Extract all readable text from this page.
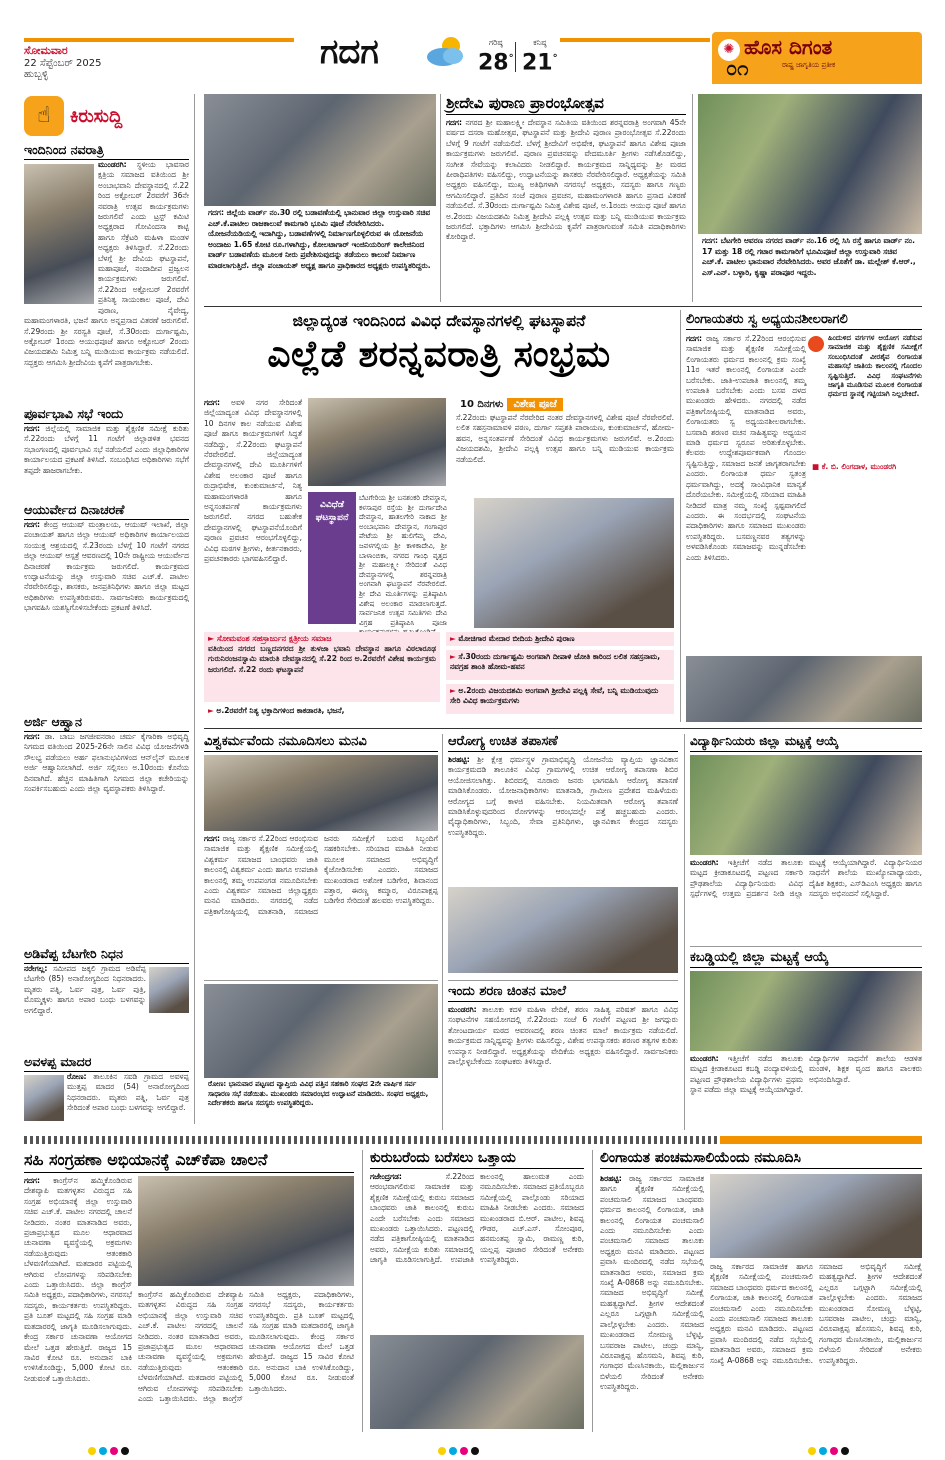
ಸೋಮವಾರ
22 ಸೆಪ್ಟೆಂಬರ್ 2025
ಹುಬ್ಬಳ್ಳಿ
ಗದಗ	ಗರಿಷ್ಠ
28°
ಕನಿಷ್ಠ
21°
✺ ಹೊಸ ದಿಗಂತ
ರಾಷ್ಟ್ರ ಜಾಗೃತಿಯ ಪ್ರತೀಕ
೦೧
☝	ಕಿರುಸುದ್ದಿ
ಇಂದಿನಿಂದ ನವರಾತ್ರಿ
ಮುಂಡರಗಿ: ಸ್ಥಳೀಯ ಭಾವಸಾರ ಕ್ಷತ್ರಿಯ ಸಮಾಜದ ವತಿಯಿಂದ ಶ್ರೀ ಅಂಬಾಭವಾನಿ ದೇವಸ್ಥಾನದಲ್ಲಿ ಸೆ.22 ರಿಂದ ಅಕ್ಟೋಬರ್ 2ರವರೆಗೆ 36ನೇ ನವರಾತ್ರಿ ಉತ್ಸವ ಕಾರ್ಯಕ್ರಮಗಳು ಜರುಗಲಿವೆ ಎಂದು ಟ್ರಸ್ಟ್ ಕಮಿಟಿ ಅಧ್ಯಕ್ಷರಾದ ಗೋವಿಂದಸಾ ಕಾಟ್ಟಿ ಹಾಗೂ ಸೆಕ್ರೆಟರಿ ಮಹಿಳಾ ಮಂಡಳ ಅಧ್ಯಕ್ಷರು ತಿಳಿಸಿದ್ದಾರೆ. ಸೆ.22ರಂದು ಬೆಳಗ್ಗೆ ಶ್ರೀ ದೇವಿಯ ಘಟಸ್ಥಾಪನೆ, ಮಹಾಪೂಜೆ, ನಂದಾದೀಪ ಪ್ರಜ್ವಲನ ಕಾರ್ಯಕ್ರಮಗಳು ಜರುಗಲಿವೆ. ಸೆ.22ರಿಂದ ಅಕ್ಟೋಬರ್ 2ರವರೆಗೆ ಪ್ರತಿನಿತ್ಯ ಸಾಯಂಕಾಲ ಪೂಜೆ, ದೇವಿ ಪುರಾಣ, ನೈವೇದ್ಯ, ಮಹಾಮಂಗಳಾರತಿ, ಭಜನೆ ಹಾಗೂ ಅನ್ನಪ್ರಸಾದ ವಿತರಣೆ ಜರುಗಲಿವೆ. ಸೆ.29ರಂದು ಶ್ರೀ ಸರಸ್ವತಿ ಪೂಜೆ, ಸೆ.30ರಂದು ದುರ್ಗಾಷ್ಟಮಿ, ಅಕ್ಟೋಬರ್ 1ರಂದು ಆಯುಧಪೂಜೆ ಹಾಗೂ ಅಕ್ಟೋಬರ್ 2ರಂದು ವಿಜಯದಶಮಿ ನಿಮಿತ್ತ ಬನ್ನಿ ಮುಡಿಯುವ ಕಾರ್ಯಕ್ರಮ ನಡೆಯಲಿದೆ. ಸದ್ಭಕ್ತರು ಆಗಮಿಸಿ ಶ್ರೀದೇವಿಯ ಕೃಪೆಗೆ ಪಾತ್ರರಾಗಬೇಕು.
ಪೂರ್ವಭಾವಿ ಸಭೆ ಇಂದು
ಗದಗ: ಜಿಲ್ಲೆಯಲ್ಲಿ ಸಾಮಾಜಿಕ ಮತ್ತು ಶೈಕ್ಷಣಿಕ ಸಮೀಕ್ಷೆ ಕುರಿತು ಸೆ.22ರಂದು ಬೆಳಗ್ಗೆ 11 ಗಂಟೆಗೆ ಜಿಲ್ಲಾಡಳಿತ ಭವನದ ಸಭಾಂಗಣದಲ್ಲಿ ಪೂರ್ವಭಾವಿ ಸಭೆ ನಡೆಯಲಿದೆ ಎಂದು ಜಿಲ್ಲಾಧಿಕಾರಿಗಳ ಕಾರ್ಯಾಲಯದ ಪ್ರಕಟಣೆ ತಿಳಿಸಿದೆ. ಸಂಬಂಧಿಸಿದ ಅಧಿಕಾರಿಗಳು ಸಭೆಗೆ ತಪ್ಪದೇ ಹಾಜರಾಗಬೇಕು.
ಆಯುರ್ವೇದ ದಿನಾಚರಣೆ
ಗದಗ: ಕೇಂದ್ರ ಆಯುಷ್ ಮಂತ್ರಾಲಯ, ಆಯುಷ್ ಇಲಾಖೆ, ಜಿಲ್ಲಾ ಪಂಚಾಯತ್ ಹಾಗೂ ಜಿಲ್ಲಾ ಆಯುಷ್ ಅಧಿಕಾರಿಗಳ ಕಾರ್ಯಾಲಯದ ಸಂಯುಕ್ತ ಆಶ್ರಯದಲ್ಲಿ ಸೆ.23ರಂದು ಬೆಳಗ್ಗೆ 10 ಗಂಟೆಗೆ ನಗರದ ಜಿಲ್ಲಾ ಆಯುಷ್ ಆಸ್ಪತ್ರೆ ಆವರಣದಲ್ಲಿ 10ನೇ ರಾಷ್ಟ್ರೀಯ ಆಯುರ್ವೇದ ದಿನಾಚರಣೆ ಕಾರ್ಯಕ್ರಮ ಜರುಗಲಿದೆ. ಕಾರ್ಯಕ್ರಮದ ಉದ್ಘಾಟನೆಯನ್ನು ಜಿಲ್ಲಾ ಉಸ್ತುವಾರಿ ಸಚಿವ ಎಚ್.ಕೆ. ಪಾಟೀಲ ನೆರವೇರಿಸಲಿದ್ದು, ಶಾಸಕರು, ಜನಪ್ರತಿನಿಧಿಗಳು ಹಾಗೂ ಜಿಲ್ಲಾ ಮಟ್ಟದ ಅಧಿಕಾರಿಗಳು ಉಪಸ್ಥಿತರಿರುವರು. ಸಾರ್ವಜನಿಕರು ಕಾರ್ಯಕ್ರಮದಲ್ಲಿ ಭಾಗವಹಿಸಿ ಯಶಸ್ವಿಗೊಳಿಸಬೇಕೆಂದು ಪ್ರಕಟಣೆ ತಿಳಿಸಿದೆ.
ಅರ್ಜಿ ಆಹ್ವಾನ
ಗದಗ: ಡಾ. ಬಾಬು ಜಗಜೀವನರಾಂ ಚರ್ಮ ಕೈಗಾರಿಕಾ ಅಭಿವೃದ್ಧಿ ನಿಗಮದ ವತಿಯಿಂದ 2025-26ನೇ ಸಾಲಿನ ವಿವಿಧ ಯೋಜನೆಗಳಡಿ ಸೌಲಭ್ಯ ಪಡೆಯಲು ಅರ್ಹ ಫಲಾನುಭವಿಗಳಿಂದ ಆನ್‌ಲೈನ್ ಮೂಲಕ ಅರ್ಜಿ ಆಹ್ವಾನಿಸಲಾಗಿದೆ. ಅರ್ಜಿ ಸಲ್ಲಿಸಲು ಅ.10ರಂದು ಕೊನೆಯ ದಿನವಾಗಿದೆ. ಹೆಚ್ಚಿನ ಮಾಹಿತಿಗಾಗಿ ನಿಗಮದ ಜಿಲ್ಲಾ ಕಚೇರಿಯನ್ನು ಸಂಪರ್ಕಿಸಬಹುದು ಎಂದು ಜಿಲ್ಲಾ ವ್ಯವಸ್ಥಾಪಕರು ತಿಳಿಸಿದ್ದಾರೆ.
ಅಡಿವೆಪ್ಪ ಬೆಟಗೇರಿ ನಿಧನ
ನರೇಗಲ್ಲ: ಸಮೀಪದ ಜಕ್ಕಲಿ ಗ್ರಾಮದ ಅಡಿವೆಪ್ಪ ಬೆಟಗೇರಿ (85) ಅನಾರೋಗ್ಯದಿಂದ ನಿಧನರಾದರು. ಮೃತರು ಪತ್ನಿ, ಓರ್ವ ಪುತ್ರ, ಓರ್ವ ಪುತ್ರಿ, ಮೊಮ್ಮಕ್ಕಳು ಹಾಗೂ ಅಪಾರ ಬಂಧು ಬಳಗವನ್ನು ಅಗಲಿದ್ದಾರೆ.
ಅವಳಪ್ಪ ಮಾದರ
ರೋಣ: ತಾಲೂಕಿನ ಸವಡಿ ಗ್ರಾಮದ ಅವಳಪ್ಪ ಮುತ್ತಪ್ಪ ಮಾದರ (54) ಅನಾರೋಗ್ಯದಿಂದ ನಿಧನರಾದರು. ಮೃತರು ಪತ್ನಿ, ಓರ್ವ ಪುತ್ರ ಸೇರಿದಂತೆ ಅಪಾರ ಬಂಧು ಬಳಗವನ್ನು ಅಗಲಿದ್ದಾರೆ.
ಗದಗ: ಜಿಲ್ಲೆಯ ವಾರ್ಡ್ ನಂ.30 ರಲ್ಲಿ ಬಡಾವಣೆಯಲ್ಲಿ ಭಾನುವಾರ ಜಿಲ್ಲಾ ಉಸ್ತುವಾರಿ ಸಚಿವ ಎಚ್.ಕೆ.ಪಾಟೀಲ ರಾಜಕಾಲುವೆ ಕಾಮಗಾರಿ ಭೂಮಿ ಪೂಜೆ ನೆರವೇರಿಸಿದರು. ಯೋಜನೆಯಡಿಯಲ್ಲಿ ಇದಾಗಿದ್ದು, ಬಡಾವಣೆಗಳಲ್ಲಿ ನಿರ್ಮಾಣಗೊಳ್ಳಲಿರುವ ಈ ಯೋಜನೆಯ ಅಂದಾಜು 1.65 ಕೋಟಿ ರೂ.ಗಳಾಗಿದ್ದು, ಕೋಲಟಾಗಾರ್ ಇಂಜಿನಿಯರಿಂಗ್ ಕಾಲೇಜಿನಿಂದ ವಾರ್ಡ್ ಬಡಾವಣೆಯ ಮೂಲಕ ನೀರು ಪ್ರವೇಶಿಸುವುದನ್ನು ತಡೆಯಲು ಕಾಲುವೆ ನಿರ್ಮಾಣ ಮಾಡಲಾಗುತ್ತಿದೆ. ಜಿಲ್ಲಾ ಪಂಚಾಯತ್ ಅಧ್ಯಕ್ಷ ಹಾಗೂ ಪ್ರಾಧಿಕಾರದ ಅಧ್ಯಕ್ಷರು ಉಪಸ್ಥಿತರಿದ್ದರು.
ಶ್ರೀದೇವಿ ಪುರಾಣ ಪ್ರಾರಂಭೋತ್ಸವ
ಗದಗ: ನಗರದ ಶ್ರೀ ಮಹಾಲಕ್ಷ್ಮೀ ದೇವಸ್ಥಾನ ಸಮಿತಿಯ ವತಿಯಿಂದ ಶರನ್ನವರಾತ್ರಿ ಅಂಗವಾಗಿ 45ನೇ ವರ್ಷದ ದಸರಾ ಮಹೋತ್ಸವ, ಘಟಸ್ಥಾಪನೆ ಮತ್ತು ಶ್ರೀದೇವಿ ಪುರಾಣ ಪ್ರಾರಂಭೋತ್ಸವ ಸೆ.22ರಂದು ಬೆಳಗ್ಗೆ 9 ಗಂಟೆಗೆ ನಡೆಯಲಿದೆ. ಬೆಳಗ್ಗೆ ಶ್ರೀದೇವಿಗೆ ಅಭಿಷೇಕ, ಘಟಸ್ಥಾಪನೆ ಹಾಗೂ ವಿಶೇಷ ಪೂಜಾ ಕಾರ್ಯಕ್ರಮಗಳು ಜರುಗಲಿವೆ. ಪುರಾಣ ಪ್ರವಚನವನ್ನು ವೇದಮೂರ್ತಿ ಶ್ರೀಗಳು ನಡೆಸಿಕೊಡಲಿದ್ದು, ಸಂಗೀತ ಸೇವೆಯನ್ನು ಕಲಾವಿದರು ನೀಡಲಿದ್ದಾರೆ. ಕಾರ್ಯಕ್ರಮದ ಸಾನ್ನಿಧ್ಯವನ್ನು ಶ್ರೀ ಮಠದ ಪೀಠಾಧಿಪತಿಗಳು ವಹಿಸಲಿದ್ದು, ಉದ್ಘಾಟನೆಯನ್ನು ಶಾಸಕರು ನೆರವೇರಿಸಲಿದ್ದಾರೆ. ಅಧ್ಯಕ್ಷತೆಯನ್ನು ಸಮಿತಿ ಅಧ್ಯಕ್ಷರು ವಹಿಸಲಿದ್ದು, ಮುಖ್ಯ ಅತಿಥಿಗಳಾಗಿ ನಗರಸಭೆ ಅಧ್ಯಕ್ಷರು, ಸದಸ್ಯರು ಹಾಗೂ ಗಣ್ಯರು ಆಗಮಿಸಲಿದ್ದಾರೆ. ಪ್ರತಿದಿನ ಸಂಜೆ ಪುರಾಣ ಪ್ರವಚನ, ಮಹಾಮಂಗಳಾರತಿ ಹಾಗೂ ಪ್ರಸಾದ ವಿತರಣೆ ನಡೆಯಲಿದೆ. ಸೆ.30ರಂದು ದುರ್ಗಾಷ್ಟಮಿ ನಿಮಿತ್ತ ವಿಶೇಷ ಪೂಜೆ, ಅ.1ರಂದು ಆಯುಧ ಪೂಜೆ ಹಾಗೂ ಅ.2ರಂದು ವಿಜಯದಶಮಿ ನಿಮಿತ್ತ ಶ್ರೀದೇವಿ ಪಲ್ಲಕ್ಕಿ ಉತ್ಸವ ಮತ್ತು ಬನ್ನಿ ಮುಡಿಯುವ ಕಾರ್ಯಕ್ರಮ ಜರುಗಲಿದೆ. ಭಕ್ತಾದಿಗಳು ಆಗಮಿಸಿ ಶ್ರೀದೇವಿಯ ಕೃಪೆಗೆ ಪಾತ್ರರಾಗುವಂತೆ ಸಮಿತಿ ಪದಾಧಿಕಾರಿಗಳು ಕೋರಿದ್ದಾರೆ.	ಗದಗ: ಬೆಟಗೇರಿ ಆವರಣ ನಗರದ ವಾರ್ಡ್ ನಂ.16 ರಲ್ಲಿ ಸಿಸಿ ರಸ್ತೆ ಹಾಗೂ ವಾರ್ಡ್ ನಂ. 17 ಮತ್ತು 18 ರಲ್ಲಿ ಗಟಾರ ಕಾಮಗಾರಿಗೆ ಭೂಮಿಪೂಜೆ ಜಿಲ್ಲಾ ಉಸ್ತುವಾರಿ ಸಚಿವ ಎಚ್.ಕೆ. ಪಾಟೀಲ ಭಾನುವಾರ ನೆರವೇರಿಸಿದರು. ಅವರ ಜೊತೆಗೆ ಡಾ. ಮಲ್ಲೇಶ್ ಕೆ.ಆರ್., ಎಸ್.ಎನ್. ಬಳ್ಳಾರಿ, ಕೃಷ್ಣಾ ಪರಾಪೂರ ಇದ್ದರು.
ಜಿಲ್ಲಾದ್ಯಂತ ಇಂದಿನಿಂದ ವಿವಿಧ ದೇವಸ್ಥಾನಗಳಲ್ಲಿ ಘಟಸ್ಥಾಪನೆ
ಎಲ್ಲೆಡೆ ಶರನ್ನವರಾತ್ರಿ ಸಂಭ್ರಮ
ಗದಗ: ಅವಳಿ ನಗರ ಸೇರಿದಂತೆ ಜಿಲ್ಲೆಯಾದ್ಯಂತ ವಿವಿಧ ದೇವಸ್ಥಾನಗಳಲ್ಲಿ 10 ದಿನಗಳ ಕಾಲ ನಡೆಯುವ ವಿಶೇಷ ಪೂಜೆ ಹಾಗೂ ಕಾರ್ಯಕ್ರಮಗಳಿಗೆ ಸಿದ್ಧತೆ ನಡೆದಿದ್ದು, ಸೆ.22ರಂದು ಘಟಸ್ಥಾಪನೆ ನೆರವೇರಲಿದೆ. ಜಿಲ್ಲೆಯಾದ್ಯಂತ ದೇವಸ್ಥಾನಗಳಲ್ಲಿ ದೇವಿ ಮೂರ್ತಿಗಳಿಗೆ ವಿಶೇಷ ಅಲಂಕಾರ ಪೂಜೆ ಹಾಗೂ ರುದ್ರಾಭಿಷೇಕ, ಕುಂಕುಮಾರ್ಚನೆ, ನಿತ್ಯ ಮಹಾಮಂಗಳಾರತಿ ಹಾಗೂ ಅನ್ನಸಂತರ್ಪಣೆ ಕಾರ್ಯಕ್ರಮಗಳು ಜರುಗಲಿವೆ. ನಗರದ ಬಹುತೇಕ ದೇವಸ್ಥಾನಗಳಲ್ಲಿ ಘಟಸ್ಥಾಪನೆಯೊಂದಿಗೆ ಪುರಾಣ ಪ್ರವಚನ ಆರಂಭಗೊಳ್ಳಲಿದ್ದು, ವಿವಿಧ ಮಠಗಳ ಶ್ರೀಗಳು, ಕೀರ್ತನಕಾರರು, ಪ್ರವಚನಕಾರರು ಭಾಗವಹಿಸಲಿದ್ದಾರೆ.
ವಿವಿಧೆಡೆ
ಘಟಸ್ಥಾಪನೆ
ಬೆಟಗೇರಿಯ ಶ್ರೀ ಬನಶಂಕರಿ ದೇವಸ್ಥಾನ, ಕಳಸಾಪುರ ರಸ್ತೆಯ ಶ್ರೀ ದುರ್ಗಾದೇವಿ ದೇವಸ್ಥಾನ, ಹಾತಲಗೇರಿ ನಾಕಾದ ಶ್ರೀ ಅಂಬಾಭವಾನಿ ದೇವಸ್ಥಾನ, ಗಂಗಾಪುರ ಪೇಟೆಯ ಶ್ರೀ ಹುಲಿಗೆಮ್ಮ ದೇವಿ, ಜವಳಗಲ್ಲಿಯ ಶ್ರೀ ಕಾಳಿಕಾದೇವಿ, ಶ್ರೀ ಬಾಳಾಂಬಿಕಾ, ನಗರದ ಗಾಂಧಿ ವೃತ್ತದ ಶ್ರೀ ಮಹಾಲಕ್ಷ್ಮೀ ಸೇರಿದಂತೆ ವಿವಿಧ ದೇವಸ್ಥಾನಗಳಲ್ಲಿ ಶರನ್ನವರಾತ್ರಿ ಅಂಗವಾಗಿ ಘಟಸ್ಥಾಪನೆ ನೆರವೇರಲಿದೆ. ಶ್ರೀ ದೇವಿ ಮೂರ್ತಿಗಳನ್ನು ಪ್ರತಿಷ್ಠಾಪಿಸಿ ವಿಶೇಷ ಅಲಂಕಾರ ಮಾಡಲಾಗುತ್ತದೆ. ಸಾರ್ವಜನಿಕ ಉತ್ಸವ ಸಮಿತಿಗಳು ದೇವಿ ವಿಗ್ರಹ ಪ್ರತಿಷ್ಠಾಪಿಸಿ ಪೂಜಾ
10 ದಿನಗಳು	ವಿಶೇಷ ಪೂಜೆ
ಸೆ.22ರಂದು ಘಟಸ್ಥಾಪನೆ ನೆರವೇರಿದ ನಂತರ ದೇವಸ್ಥಾನಗಳಲ್ಲಿ ವಿಶೇಷ ಪೂಜೆ ನೆರವೇರಲಿವೆ. ಲಲಿತ ಸಹಸ್ರನಾಮಾವಳಿ ಪಠಣ, ದುರ್ಗಾ ಸಪ್ತಶತಿ ಪಾರಾಯಣ, ಕುಂಕುಮಾರ್ಚನೆ, ಹೋಮ-ಹವನ, ಅನ್ನಸಂತರ್ಪಣೆ ಸೇರಿದಂತೆ ವಿವಿಧ ಕಾರ್ಯಕ್ರಮಗಳು ಜರುಗಲಿವೆ. ಅ.2ರಂದು ವಿಜಯದಶಮಿ, ಶ್ರೀದೇವಿ ಪಲ್ಲಕ್ಕಿ ಉತ್ಸವ ಹಾಗೂ ಬನ್ನಿ ಮುಡಿಯುವ ಕಾರ್ಯಕ್ರಮ ನಡೆಯಲಿದೆ.
► ಸೋಮವಂಶ ಸಹಸ್ರಾರ್ಜುನ ಕ್ಷತ್ರೀಯ ಸಮಾಜ
ವತಿಯಿಂದ ನಗರದ ಬಣ್ಣದನಗರದ ಶ್ರೀ ತುಳಜಾ ಭವಾನಿ ದೇವಸ್ಥಾನ ಹಾಗೂ ವಿಠಲಾರೂಢ ಗುರುನಿರಂಜನಸ್ವಾಮಿ ಮಾರುತಿ ದೇವಸ್ಥಾನದಲ್ಲಿ ಸೆ.22 ರಿಂದ ಅ.2ರವರೆಗೆ ವಿಶೇಷ ಕಾರ್ಯಕ್ರಮ ಜರುಗಲಿದೆ. ಸೆ.22 ರಂದು ಘಟಸ್ಥಾಪನೆ
► ಅ.2ರವರೆಗೆ ನಿತ್ಯ ಭಕ್ತಾದಿಗಳಿಂದ ಕಾಕಡಾರತಿ, ಭಜನೆ,
► ಮೋಚಿಗಾರ ಮೇದಾರ ಬೀದಿಯ ಶ್ರೀದೇವಿ ಪುರಾಣ
► ಸೆ.30ರಂದು ದುರ್ಗಾಷ್ಟಮಿ ಅಂಗವಾಗಿ ದೀಪಾಳಿ ಜೋತಿ ಕಾರಿಂದ ಲಲಿತ ಸಹಸ್ರನಾಮ, ನವಗ್ರಹ ಶಾಂತಿ ಹೋಮ-ಹವನ
► ಅ.2ರಂದು ವಿಜಯದಶಮಿ ಅಂಗವಾಗಿ ಶ್ರೀದೇವಿ ಪಲ್ಲಕ್ಕಿ ಸೇವೆ, ಬನ್ನಿ ಮುಡಿಯುವುದು ಸೇರಿ ವಿವಿಧ ಕಾರ್ಯಕ್ರಮಗಳು
ಲಿಂಗಾಯತರು ಸ್ವ ಅಧ್ಯಯನಶೀಲರಾಗಲಿ
ಹಿಂದುಳಿದ ವರ್ಗಗಳ ಆಯೋಗ ನಡೆಸುವ ಸಾಮಾಜಿಕ ಮತ್ತು ಶೈಕ್ಷಣಿಕ ಸಮೀಕ್ಷೆಗೆ ಸಂಬಂಧಿಸಿದಂತೆ ವೀರಶೈವ ಲಿಂಗಾಯತ ಮಹಾಸಭೆ ಜಾತಿಯ ಕಾಲಂನಲ್ಲಿ ಗೊಂದಲ ಸೃಷ್ಟಿಸುತ್ತಿದೆ. ವಿವಿಧ ಸಂಘಟನೆಗಳು ಜಾಗೃತಿ ಮೂಡಿಸುವ ಮೂಲಕ ಲಿಂಗಾಯತ ಧರ್ಮದ ಸ್ಥಾನಕ್ಕೆ ಗಟ್ಟಿಯಾಗಿ ನಿಲ್ಲಬೇಕಿದೆ.
■ ಕೆ. ಬಿ. ಲಿಂಗದಾಳ, ಮುಂಡರಗಿ
ಗದಗ: ರಾಜ್ಯ ಸರ್ಕಾರ ಸೆ.22ರಿಂದ ಆರಂಭಿಸುವ ಸಾಮಾಜಿಕ ಮತ್ತು ಶೈಕ್ಷಣಿಕ ಸಮೀಕ್ಷೆಯಲ್ಲಿ ಲಿಂಗಾಯತರು ಧರ್ಮದ ಕಾಲಂನಲ್ಲಿ ಕ್ರಮ ಸಂಖ್ಯೆ 11ರ ಇತರೆ ಕಾಲಂನಲ್ಲಿ ಲಿಂಗಾಯತ ಎಂದೇ ಬರೆಸಬೇಕು. ಜಾತಿ-ಉಪಜಾತಿ ಕಾಲಂನಲ್ಲಿ ತಮ್ಮ ಉಪಜಾತಿ ಬರೆಸಬೇಕು ಎಂದು ಬಸವ ದಳದ ಮುಖಂಡರು ಹೇಳಿದರು. ನಗರದಲ್ಲಿ ನಡೆದ ಪತ್ರಿಕಾಗೋಷ್ಠಿಯಲ್ಲಿ ಮಾತನಾಡಿದ ಅವರು, ಲಿಂಗಾಯತರು ಸ್ವ ಅಧ್ಯಯನಶೀಲರಾಗಬೇಕು. ಬಸವಾದಿ ಶರಣರ ವಚನ ಸಾಹಿತ್ಯವನ್ನು ಅಧ್ಯಯನ ಮಾಡಿ ಧರ್ಮದ ಸ್ವರೂಪ ಅರಿತುಕೊಳ್ಳಬೇಕು. ಕೆಲವರು ಉದ್ದೇಶಪೂರ್ವಕವಾಗಿ ಗೊಂದಲ ಸೃಷ್ಟಿಸುತ್ತಿದ್ದು, ಸಮಾಜದ ಜನತೆ ಜಾಗೃತರಾಗಬೇಕು ಎಂದರು. ಲಿಂಗಾಯತ ಧರ್ಮ ಸ್ವತಂತ್ರ ಧರ್ಮವಾಗಿದ್ದು, ಅದಕ್ಕೆ ಸಾಂವಿಧಾನಿಕ ಮಾನ್ಯತೆ ದೊರೆಯಬೇಕು. ಸಮೀಕ್ಷೆಯಲ್ಲಿ ಸರಿಯಾದ ಮಾಹಿತಿ ನೀಡಿದರೆ ಮಾತ್ರ ನಮ್ಮ ಸಂಖ್ಯೆ ಸ್ಪಷ್ಟವಾಗಲಿದೆ ಎಂದರು. ಈ ಸಂದರ್ಭದಲ್ಲಿ ಸಂಘಟನೆಯ ಪದಾಧಿಕಾರಿಗಳು ಹಾಗೂ ಸಮಾಜದ ಮುಖಂಡರು ಉಪಸ್ಥಿತರಿದ್ದರು. ಬಸವಣ್ಣನವರ ತತ್ವಗಳನ್ನು ಅಳವಡಿಸಿಕೊಂಡು ಸಮಾಜವನ್ನು ಮುನ್ನಡೆಸಬೇಕು ಎಂದು ತಿಳಿಸಿದರು.
ವಿಶ್ವಕರ್ಮವೆಂದು ನಮೂದಿಸಲು ಮನವಿ
ಗದಗ: ರಾಜ್ಯ ಸರ್ಕಾರ ಸೆ.22ರಿಂದ ಆರಂಭಿಸುವ ಸಾಮಾಜಿಕ ಮತ್ತು ಶೈಕ್ಷಣಿಕ ಸಮೀಕ್ಷೆಯಲ್ಲಿ ವಿಶ್ವಕರ್ಮ ಸಮಾಜದ ಬಾಂಧವರು ಜಾತಿ ಕಾಲಂನಲ್ಲಿ ವಿಶ್ವಕರ್ಮ ಎಂದು ಹಾಗೂ ಉಪಜಾತಿ ಕಾಲಂನಲ್ಲಿ ತಮ್ಮ ಉಪಪಂಗಡ ನಮೂದಿಸಬೇಕು ಎಂದು ವಿಶ್ವಕರ್ಮ ಸಮಾಜದ ಜಿಲ್ಲಾಧ್ಯಕ್ಷರು ಮನವಿ ಮಾಡಿದರು. ನಗರದಲ್ಲಿ ನಡೆದ ಪತ್ರಿಕಾಗೋಷ್ಠಿಯಲ್ಲಿ ಮಾತನಾಡಿ, ಸಮಾಜದ ಜನರು ಸಮೀಕ್ಷೆಗೆ ಬರುವ ಸಿಬ್ಬಂದಿಗೆ ಸಹಕರಿಸಬೇಕು. ಸರಿಯಾದ ಮಾಹಿತಿ ನೀಡುವ ಮೂಲಕ ಸಮಾಜದ ಅಭಿವೃದ್ಧಿಗೆ ಕೈಜೋಡಿಸಬೇಕು ಎಂದರು. ಸಮಾಜದ ಮುಖಂಡರಾದ ಅಶೋಕ ಬಡಿಗೇರ, ಶಿವಾನಂದ ಪತ್ತಾರ, ಈರಣ್ಣ ಕಮ್ಮಾರ, ವಿರೂಪಾಕ್ಷಪ್ಪ ಬಡಿಗೇರ ಸೇರಿದಂತೆ ಹಲವರು ಉಪಸ್ಥಿತರಿದ್ದರು.
ಆರೋಗ್ಯ ಉಚಿತ ತಪಾಸಣೆ
ಶಿರಹಟ್ಟಿ: ಶ್ರೀ ಕ್ಷೇತ್ರ ಧರ್ಮಸ್ಥಳ ಗ್ರಾಮಾಭಿವೃದ್ಧಿ ಯೋಜನೆಯ ವ್ಯಾಪ್ತಿಯ ಜ್ಞಾನವಿಕಾಸ ಕಾರ್ಯಕ್ರಮದಡಿ ತಾಲೂಕಿನ ವಿವಿಧ ಗ್ರಾಮಗಳಲ್ಲಿ ಉಚಿತ ಆರೋಗ್ಯ ತಪಾಸಣಾ ಶಿಬಿರ ಆಯೋಜಿಸಲಾಗಿತ್ತು. ಶಿಬಿರದಲ್ಲಿ ನೂರಾರು ಜನರು ಭಾಗವಹಿಸಿ ಆರೋಗ್ಯ ತಪಾಸಣೆ ಮಾಡಿಸಿಕೊಂಡರು. ಯೋಜನಾಧಿಕಾರಿಗಳು ಮಾತನಾಡಿ, ಗ್ರಾಮೀಣ ಪ್ರದೇಶದ ಮಹಿಳೆಯರು ಆರೋಗ್ಯದ ಬಗ್ಗೆ ಕಾಳಜಿ ವಹಿಸಬೇಕು. ನಿಯಮಿತವಾಗಿ ಆರೋಗ್ಯ ತಪಾಸಣೆ ಮಾಡಿಸಿಕೊಳ್ಳುವುದರಿಂದ ರೋಗಗಳನ್ನು ಆರಂಭದಲ್ಲೇ ಪತ್ತೆ ಹಚ್ಚಬಹುದು ಎಂದರು. ವೈದ್ಯಾಧಿಕಾರಿಗಳು, ಸಿಬ್ಬಂದಿ, ಸೇವಾ ಪ್ರತಿನಿಧಿಗಳು, ಜ್ಞಾನವಿಕಾಸ ಕೇಂದ್ರದ ಸದಸ್ಯರು ಉಪಸ್ಥಿತರಿದ್ದರು.
ವಿದ್ಯಾರ್ಥಿನಿಯರು ಜಿಲ್ಲಾ ಮಟ್ಟಕ್ಕೆ ಆಯ್ಕೆ
ಮುಂಡರಗಿ: ಇತ್ತೀಚೆಗೆ ನಡೆದ ತಾಲೂಕು ಮಟ್ಟದ ಕ್ರೀಡಾಕೂಟದಲ್ಲಿ ಪಟ್ಟಣದ ಸರ್ಕಾರಿ ಪ್ರೌಢಶಾಲೆಯ ವಿದ್ಯಾರ್ಥಿನಿಯರು ವಿವಿಧ ಸ್ಪರ್ಧೆಗಳಲ್ಲಿ ಉತ್ತಮ ಪ್ರದರ್ಶನ ನೀಡಿ ಜಿಲ್ಲಾ ಮಟ್ಟಕ್ಕೆ ಆಯ್ಕೆಯಾಗಿದ್ದಾರೆ. ವಿದ್ಯಾರ್ಥಿನಿಯರ ಸಾಧನೆಗೆ ಶಾಲೆಯ ಮುಖ್ಯೋಪಾಧ್ಯಾಯರು, ದೈಹಿಕ ಶಿಕ್ಷಕರು, ಎಸ್‌ಡಿಎಂಸಿ ಅಧ್ಯಕ್ಷರು ಹಾಗೂ ಸದಸ್ಯರು ಅಭಿನಂದನೆ ಸಲ್ಲಿಸಿದ್ದಾರೆ.
ರೋಣ: ಭಾನುವಾರ ಪಟ್ಟಣದ ವ್ಯಾಪ್ತಿಯ ವಿವಿಧ ಪತ್ತಿನ ಸಹಕಾರಿ ಸಂಘದ 2ನೇ ವಾರ್ಷಿಕ ಸರ್ವ ಸಾಧಾರಣ ಸಭೆ ನಡೆಯಿತು. ಮುಖಂಡರು ಸಮಾರಂಭದ ಉದ್ಘಾಟನೆ ಮಾಡಿದರು. ಸಂಘದ ಅಧ್ಯಕ್ಷರು, ನಿರ್ದೇಶಕರು ಹಾಗೂ ಸದಸ್ಯರು ಉಪಸ್ಥಿತರಿದ್ದರು.
ಇಂದು ಶರಣ ಚಿಂತನ ಮಾಲೆ
ಮುಂಡರಗಿ: ತಾಲೂಕು ಕದಳಿ ಮಹಿಳಾ ವೇದಿಕೆ, ಶರಣ ಸಾಹಿತ್ಯ ಪರಿಷತ್ ಹಾಗೂ ವಿವಿಧ ಸಂಘಟನೆಗಳ ಸಹಯೋಗದಲ್ಲಿ ಸೆ.22ರಂದು ಸಂಜೆ 6 ಗಂಟೆಗೆ ಪಟ್ಟಣದ ಶ್ರೀ ಜಗದ್ಗುರು ತೋಂಟದಾರ್ಯ ಮಠದ ಆವರಣದಲ್ಲಿ ಶರಣ ಚಿಂತನ ಮಾಲೆ ಕಾರ್ಯಕ್ರಮ ನಡೆಯಲಿದೆ. ಕಾರ್ಯಕ್ರಮದ ಸಾನ್ನಿಧ್ಯವನ್ನು ಶ್ರೀಗಳು ವಹಿಸಲಿದ್ದು, ವಿಶೇಷ ಉಪನ್ಯಾಸಕರು ಶರಣರ ತತ್ವಗಳ ಕುರಿತು ಉಪನ್ಯಾಸ ನೀಡಲಿದ್ದಾರೆ. ಅಧ್ಯಕ್ಷತೆಯನ್ನು ವೇದಿಕೆಯ ಅಧ್ಯಕ್ಷರು ವಹಿಸಲಿದ್ದಾರೆ. ಸಾರ್ವಜನಿಕರು ಪಾಲ್ಗೊಳ್ಳಬೇಕೆಂದು ಸಂಘಟಕರು ತಿಳಿಸಿದ್ದಾರೆ.
ಕಬಡ್ಡಿಯಲ್ಲಿ ಜಿಲ್ಲಾ ಮಟ್ಟಕ್ಕೆ ಆಯ್ಕೆ
ಮುಂಡರಗಿ: ಇತ್ತೀಚೆಗೆ ನಡೆದ ತಾಲೂಕು ಮಟ್ಟದ ಕ್ರೀಡಾಕೂಟದ ಕಬಡ್ಡಿ ಪಂದ್ಯಾವಳಿಯಲ್ಲಿ ಪಟ್ಟಣದ ಪ್ರೌಢಶಾಲೆಯ ವಿದ್ಯಾರ್ಥಿಗಳು ಪ್ರಥಮ ಸ್ಥಾನ ಪಡೆದು ಜಿಲ್ಲಾ ಮಟ್ಟಕ್ಕೆ ಆಯ್ಕೆಯಾಗಿದ್ದಾರೆ. ವಿದ್ಯಾರ್ಥಿಗಳ ಸಾಧನೆಗೆ ಶಾಲೆಯ ಆಡಳಿತ ಮಂಡಳಿ, ಶಿಕ್ಷಕ ವೃಂದ ಹಾಗೂ ಪಾಲಕರು ಅಭಿನಂದಿಸಿದ್ದಾರೆ.
ಸಹಿ ಸಂಗ್ರಹಣಾ ಅಭಿಯಾನಕ್ಕೆ ಎಚ್‌ಕೆಪಾ ಚಾಲನೆ
ಗದಗ: ಕಾಂಗ್ರೆಸ್‌ನ ಹಮ್ಮಿಕೊಂಡಿರುವ ದೇಶವ್ಯಾಪಿ ಮತಗಳ್ಳತನ ವಿರುದ್ಧದ ಸಹಿ ಸಂಗ್ರಹ ಅಭಿಯಾನಕ್ಕೆ ಜಿಲ್ಲಾ ಉಸ್ತುವಾರಿ ಸಚಿವ ಎಚ್.ಕೆ. ಪಾಟೀಲ ನಗರದಲ್ಲಿ ಚಾಲನೆ ನೀಡಿದರು. ನಂತರ ಮಾತನಾಡಿದ ಅವರು, ಪ್ರಜಾಪ್ರಭುತ್ವದ ಮೂಲ ಆಧಾರವಾದ ಚುನಾವಣಾ ವ್ಯವಸ್ಥೆಯಲ್ಲಿ ಅಕ್ರಮಗಳು ನಡೆಯುತ್ತಿರುವುದು ಆತಂಕಕಾರಿ ಬೆಳವಣಿಗೆಯಾಗಿದೆ. ಮತದಾರರ ಪಟ್ಟಿಯಲ್ಲಿ ಆಗಿರುವ ಲೋಪಗಳನ್ನು ಸರಿಪಡಿಸಬೇಕು ಎಂದು ಒತ್ತಾಯಿಸಿದರು. ಜಿಲ್ಲಾ ಕಾಂಗ್ರೆಸ್ ಸಮಿತಿ ಅಧ್ಯಕ್ಷರು, ಪದಾಧಿಕಾರಿಗಳು, ನಗರಸಭೆ ಸದಸ್ಯರು, ಕಾರ್ಯಕರ್ತರು ಉಪಸ್ಥಿತರಿದ್ದರು. ಪ್ರತಿ ಬೂತ್ ಮಟ್ಟದಲ್ಲಿ ಸಹಿ ಸಂಗ್ರಹ ಮಾಡಿ ಮತದಾರರಲ್ಲಿ ಜಾಗೃತಿ ಮೂಡಿಸಲಾಗುವುದು. ಕೇಂದ್ರ ಸರ್ಕಾರ ಚುನಾವಣಾ ಆಯೋಗದ ಮೇಲೆ ಒತ್ತಡ ಹೇರುತ್ತಿದೆ. ರಾಜ್ಯದ 15 ಸಾವಿರ ಕೋಟಿ ರೂ. ಅನುದಾನ ಬಾಕಿ ಉಳಿಸಿಕೊಂಡಿದ್ದು, 5,000 ಕೋಟಿ ರೂ. ನೀಡುವಂತೆ ಒತ್ತಾಯಿಸಿದರು.
ಕಾಂಗ್ರೆಸ್‌ನ ಹಮ್ಮಿಕೊಂಡಿರುವ ದೇಶವ್ಯಾಪಿ ಮತಗಳ್ಳತನ ವಿರುದ್ಧದ ಸಹಿ ಸಂಗ್ರಹ ಅಭಿಯಾನಕ್ಕೆ ಜಿಲ್ಲಾ ಉಸ್ತುವಾರಿ ಸಚಿವ ಎಚ್.ಕೆ. ಪಾಟೀಲ ನಗರದಲ್ಲಿ ಚಾಲನೆ ನೀಡಿದರು. ನಂತರ ಮಾತನಾಡಿದ ಅವರು, ಪ್ರಜಾಪ್ರಭುತ್ವದ ಮೂಲ ಆಧಾರವಾದ ಚುನಾವಣಾ ವ್ಯವಸ್ಥೆಯಲ್ಲಿ ಅಕ್ರಮಗಳು ನಡೆಯುತ್ತಿರುವುದು ಆತಂಕಕಾರಿ ಬೆಳವಣಿಗೆಯಾಗಿದೆ. ಮತದಾರರ ಪಟ್ಟಿಯಲ್ಲಿ ಆಗಿರುವ ಲೋಪಗಳನ್ನು ಸರಿಪಡಿಸಬೇಕು ಎಂದು ಒತ್ತಾಯಿಸಿದರು. ಜಿಲ್ಲಾ ಕಾಂಗ್ರೆಸ್ ಸಮಿತಿ ಅಧ್ಯಕ್ಷರು, ಪದಾಧಿಕಾರಿಗಳು, ನಗರಸಭೆ ಸದಸ್ಯರು, ಕಾರ್ಯಕರ್ತರು ಉಪಸ್ಥಿತರಿದ್ದರು. ಪ್ರತಿ ಬೂತ್ ಮಟ್ಟದಲ್ಲಿ ಸಹಿ ಸಂಗ್ರಹ ಮಾಡಿ ಮತದಾರರಲ್ಲಿ ಜಾಗೃತಿ ಮೂಡಿಸಲಾಗುವುದು. ಕೇಂದ್ರ ಸರ್ಕಾರ ಚುನಾವಣಾ ಆಯೋಗದ ಮೇಲೆ ಒತ್ತಡ ಹೇರುತ್ತಿದೆ. ರಾಜ್ಯದ 15 ಸಾವಿರ ಕೋಟಿ ರೂ. ಅನುದಾನ ಬಾಕಿ ಉಳಿಸಿಕೊಂಡಿದ್ದು, 5,000 ಕೋಟಿ ರೂ. ನೀಡುವಂತೆ ಒತ್ತಾಯಿಸಿದರು.
ಕುರುಬರೆಂದು ಬರೆಸಲು ಒತ್ತಾಯ
ಗಜೇಂದ್ರಗಡ:	ಸೆ.22ರಿಂದ ಆರಂಭವಾಗಲಿರುವ ಸಾಮಾಜಿಕ ಮತ್ತು ಶೈಕ್ಷಣಿಕ ಸಮೀಕ್ಷೆಯಲ್ಲಿ ಕುರುಬ ಸಮಾಜದ ಬಾಂಧವರು ಜಾತಿ ಕಾಲಂನಲ್ಲಿ ಕುರುಬ ಎಂದೇ ಬರೆಸಬೇಕು ಎಂದು ಸಮಾಜದ ಮುಖಂಡರು ಒತ್ತಾಯಿಸಿದರು. ಪಟ್ಟಣದಲ್ಲಿ ನಡೆದ ಪತ್ರಿಕಾಗೋಷ್ಠಿಯಲ್ಲಿ ಮಾತನಾಡಿದ ಅವರು, ಸಮೀಕ್ಷೆಯ ಕುರಿತು ಸಮಾಜದಲ್ಲಿ ಜಾಗೃತಿ ಮೂಡಿಸಲಾಗುತ್ತಿದೆ. ಉಪಜಾತಿ ಕಾಲಂನಲ್ಲಿ ಹಾಲುಮತ ಎಂದು ನಮೂದಿಸಬೇಕು. ಸಮಾಜದ ಪ್ರತಿಯೊಬ್ಬರೂ ಸಮೀಕ್ಷೆಯಲ್ಲಿ ಪಾಲ್ಗೊಂಡು ಸರಿಯಾದ ಮಾಹಿತಿ ನೀಡಬೇಕು ಎಂದರು. ಸಮಾಜದ ಮುಖಂಡರಾದ ಬಿ.ಆರ್. ಪಾಟೀಲ, ಶಿವಪ್ಪ ಗೌಡರ, ಎಚ್.ಎಸ್. ಸೋಂಪೂರ, ಹನಮಂತಪ್ಪ ಸ್ವಾಮಿ, ರಾಮಣ್ಣ ಕುರಿ, ಯಲ್ಲಪ್ಪ ಪೂಜಾರ ಸೇರಿದಂತೆ ಅನೇಕರು ಉಪಸ್ಥಿತರಿದ್ದರು.
ಲಿಂಗಾಯತ ಪಂಚಮಸಾಲಿಯೆಂದು ನಮೂದಿಸಿ
ಶಿರಹಟ್ಟಿ: ರಾಜ್ಯ ಸರ್ಕಾರದ ಸಾಮಾಜಿಕ ಹಾಗೂ ಶೈಕ್ಷಣಿಕ ಸಮೀಕ್ಷೆಯಲ್ಲಿ ಪಂಚಮಸಾಲಿ ಸಮಾಜದ ಬಾಂಧವರು ಧರ್ಮದ ಕಾಲಂನಲ್ಲಿ ಲಿಂಗಾಯತ, ಜಾತಿ ಕಾಲಂನಲ್ಲಿ ಲಿಂಗಾಯತ ಪಂಚಮಸಾಲಿ ಎಂದು ನಮೂದಿಸಬೇಕು ಎಂದು ಪಂಚಮಸಾಲಿ ಸಮಾಜದ ತಾಲೂಕು ಅಧ್ಯಕ್ಷರು ಮನವಿ ಮಾಡಿದರು. ಪಟ್ಟಣದ ಪ್ರವಾಸಿ ಮಂದಿರದಲ್ಲಿ ನಡೆದ ಸಭೆಯಲ್ಲಿ ಮಾತನಾಡಿದ ಅವರು, ಸಮಾಜದ ಕ್ರಮ ಸಂಖ್ಯೆ A-0868 ಅನ್ನು ನಮೂದಿಸಬೇಕು. ಸಮಾಜದ ಅಭಿವೃದ್ಧಿಗೆ ಸಮೀಕ್ಷೆ ಮಹತ್ವದ್ದಾಗಿದೆ. ಶ್ರೀಗಳ ಆದೇಶದಂತೆ ಎಲ್ಲರೂ ಒಗ್ಗಟ್ಟಾಗಿ ಸಮೀಕ್ಷೆಯಲ್ಲಿ ಪಾಲ್ಗೊಳ್ಳಬೇಕು ಎಂದರು. ಸಮಾಜದ ಮುಖಂಡರಾದ ಸೋಮಣ್ಣ ಬೆಳ್ಳಟ್ಟಿ, ಬಸವರಾಜ ಪಾಟೀಲ, ಚಂದ್ರು ಮಾನ್ವಿ, ವಿರೂಪಾಕ್ಷಪ್ಪ ಹೊಸಮನಿ, ಶಿವಪ್ಪ ಕುರಿ, ಗಂಗಾಧರ ಮೆಣಸಿನಕಾಯಿ, ಮಲ್ಲಿಕಾರ್ಜುನ ಬಿಳೆಯಲಿ ಸೇರಿದಂತೆ ಅನೇಕರು ಉಪಸ್ಥಿತರಿದ್ದರು.
ರಾಜ್ಯ ಸರ್ಕಾರದ ಸಾಮಾಜಿಕ ಹಾಗೂ ಶೈಕ್ಷಣಿಕ ಸಮೀಕ್ಷೆಯಲ್ಲಿ ಪಂಚಮಸಾಲಿ ಸಮಾಜದ ಬಾಂಧವರು ಧರ್ಮದ ಕಾಲಂನಲ್ಲಿ ಲಿಂಗಾಯತ, ಜಾತಿ ಕಾಲಂನಲ್ಲಿ ಲಿಂಗಾಯತ ಪಂಚಮಸಾಲಿ ಎಂದು ನಮೂದಿಸಬೇಕು ಎಂದು ಪಂಚಮಸಾಲಿ ಸಮಾಜದ ತಾಲೂಕು ಅಧ್ಯಕ್ಷರು ಮನವಿ ಮಾಡಿದರು. ಪಟ್ಟಣದ ಪ್ರವಾಸಿ ಮಂದಿರದಲ್ಲಿ ನಡೆದ ಸಭೆಯಲ್ಲಿ ಮಾತನಾಡಿದ ಅವರು, ಸಮಾಜದ ಕ್ರಮ ಸಂಖ್ಯೆ A-0868 ಅನ್ನು ನಮೂದಿಸಬೇಕು. ಸಮಾಜದ ಅಭಿವೃದ್ಧಿಗೆ ಸಮೀಕ್ಷೆ ಮಹತ್ವದ್ದಾಗಿದೆ. ಶ್ರೀಗಳ ಆದೇಶದಂತೆ ಎಲ್ಲರೂ ಒಗ್ಗಟ್ಟಾಗಿ ಸಮೀಕ್ಷೆಯಲ್ಲಿ ಪಾಲ್ಗೊಳ್ಳಬೇಕು ಎಂದರು. ಸಮಾಜದ ಮುಖಂಡರಾದ ಸೋಮಣ್ಣ ಬೆಳ್ಳಟ್ಟಿ, ಬಸವರಾಜ ಪಾಟೀಲ, ಚಂದ್ರು ಮಾನ್ವಿ, ವಿರೂಪಾಕ್ಷಪ್ಪ ಹೊಸಮನಿ, ಶಿವಪ್ಪ ಕುರಿ, ಗಂಗಾಧರ ಮೆಣಸಿನಕಾಯಿ, ಮಲ್ಲಿಕಾರ್ಜುನ ಬಿಳೆಯಲಿ ಸೇರಿದಂತೆ ಅನೇಕರು ಉಪಸ್ಥಿತರಿದ್ದರು.
